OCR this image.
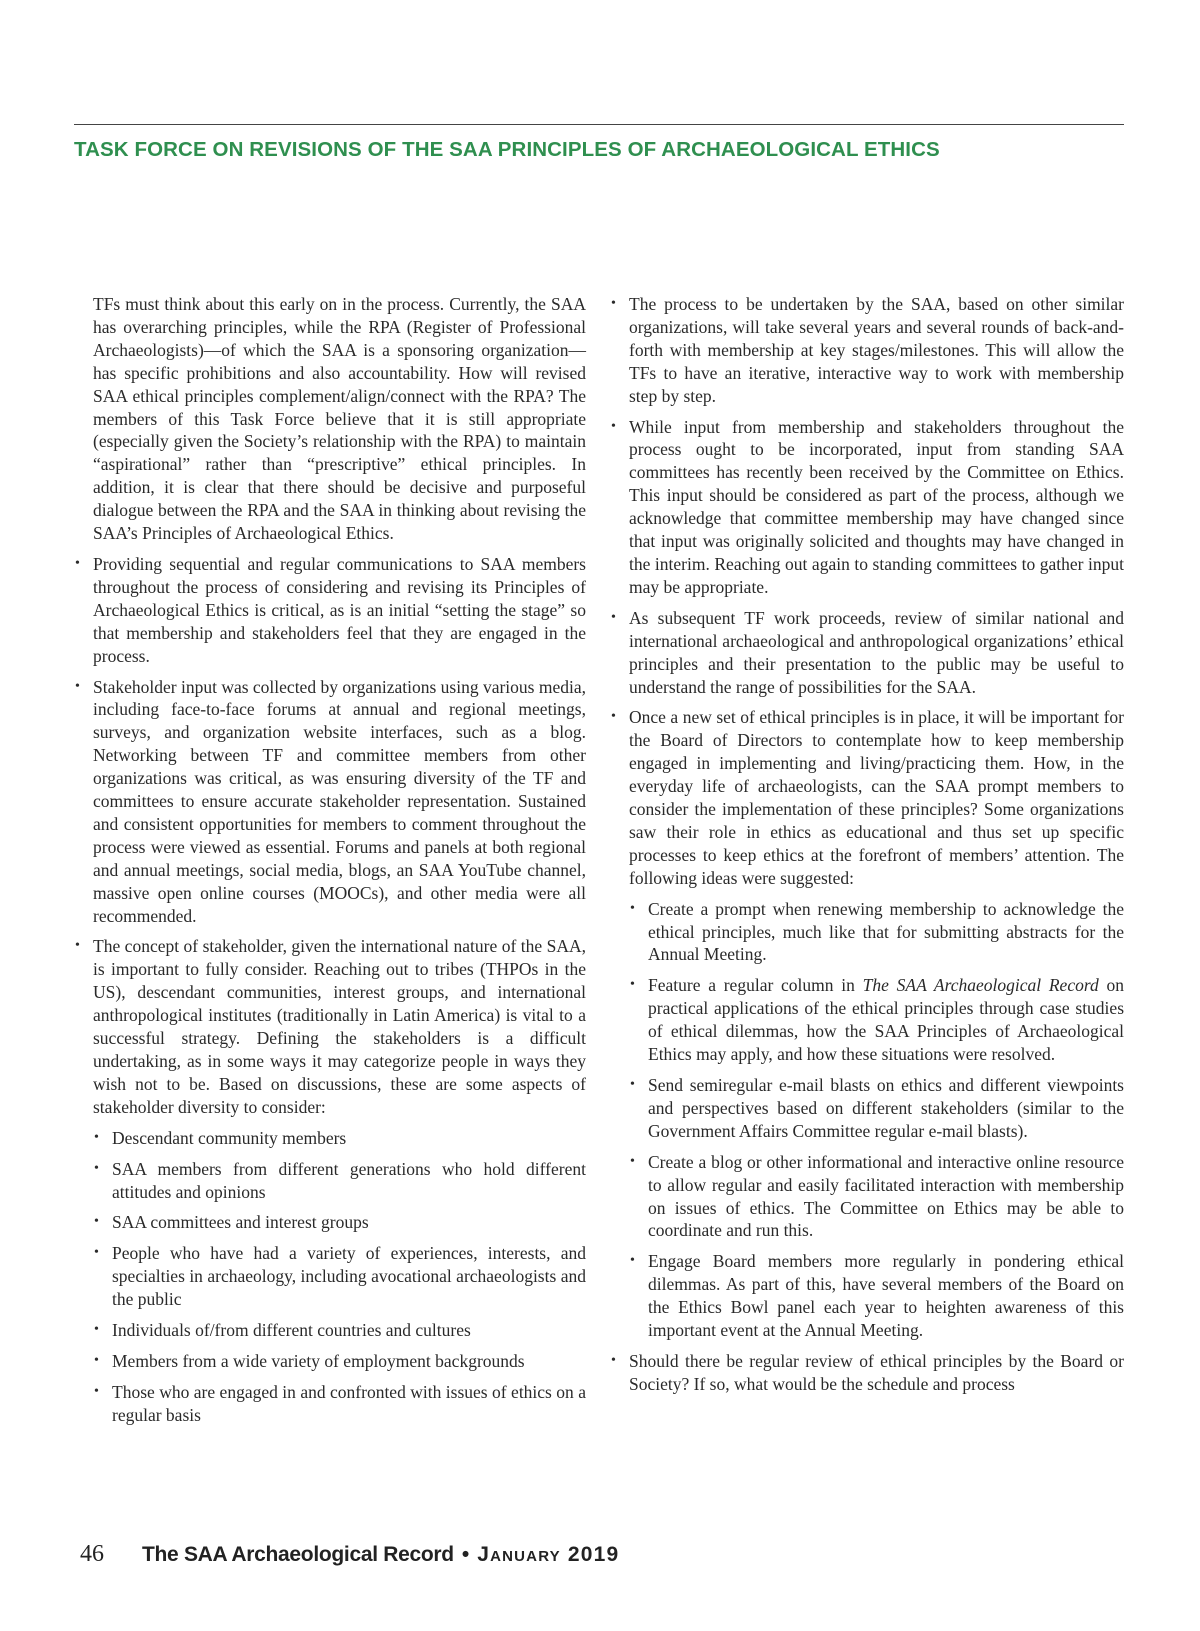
TASK FORCE ON REVISIONS OF THE SAA PRINCIPLES OF ARCHAEOLOGICAL ETHICS

TFs must think about this early on in the process. Currently, the SAA has overarching principles, while the RPA (Register of Professional Archaeologists)—of which the SAA is a sponsoring organization—has specific prohibitions and also accountability. How will revised SAA ethical principles complement/align/connect with the RPA? The members of this Task Force believe that it is still appropriate (especially given the Society’s relationship with the RPA) to maintain “aspirational” rather than “prescriptive” ethical principles. In addition, it is clear that there should be decisive and purposeful dialogue between the RPA and the SAA in thinking about revising the SAA’s Principles of Archaeological Ethics.

• Providing sequential and regular communications to SAA members throughout the process of considering and revising its Principles of Archaeological Ethics is critical, as is an initial “setting the stage” so that membership and stakeholders feel that they are engaged in the process.
• Stakeholder input was collected by organizations using various media, including face-to-face forums at annual and regional meetings, surveys, and organization website interfaces, such as a blog. Networking between TF and committee members from other organizations was critical, as was ensuring diversity of the TF and committees to ensure accurate stakeholder representation. Sustained and consistent opportunities for members to comment throughout the process were viewed as essential. Forums and panels at both regional and annual meetings, social media, blogs, an SAA YouTube channel, massive open online courses (MOOCs), and other media were all recommended.
• The concept of stakeholder, given the international nature of the SAA, is important to fully consider. Reaching out to tribes (THPOs in the US), descendant communities, interest groups, and international anthropological institutes (traditionally in Latin America) is vital to a successful strategy. Defining the stakeholders is a difficult undertaking, as in some ways it may categorize people in ways they wish not to be. Based on discussions, these are some aspects of stakeholder diversity to consider:
• Descendant community members
• SAA members from different generations who hold different attitudes and opinions
• SAA committees and interest groups
• People who have had a variety of experiences, interests, and specialties in archaeology, including avocational archaeologists and the public
• Individuals of/from different countries and cultures
• Members from a wide variety of employment backgrounds
• Those who are engaged in and confronted with issues of ethics on a regular basis
• The process to be undertaken by the SAA, based on other similar organizations, will take several years and several rounds of back-and-forth with membership at key stages/milestones. This will allow the TFs to have an iterative, interactive way to work with membership step by step.
• While input from membership and stakeholders throughout the process ought to be incorporated, input from standing SAA committees has recently been received by the Committee on Ethics. This input should be considered as part of the process, although we acknowledge that committee membership may have changed since that input was originally solicited and thoughts may have changed in the interim. Reaching out again to standing committees to gather input may be appropriate.
• As subsequent TF work proceeds, review of similar national and international archaeological and anthropological organizations’ ethical principles and their presentation to the public may be useful to understand the range of possibilities for the SAA.
• Once a new set of ethical principles is in place, it will be important for the Board of Directors to contemplate how to keep membership engaged in implementing and living/practicing them. How, in the everyday life of archaeologists, can the SAA prompt members to consider the implementation of these principles? Some organizations saw their role in ethics as educational and thus set up specific processes to keep ethics at the forefront of members’ attention. The following ideas were suggested:
• Create a prompt when renewing membership to acknowledge the ethical principles, much like that for submitting abstracts for the Annual Meeting.
• Feature a regular column in The SAA Archaeological Record on practical applications of the ethical principles through case studies of ethical dilemmas, how the SAA Principles of Archaeological Ethics may apply, and how these situations were resolved.
• Send semiregular e-mail blasts on ethics and different viewpoints and perspectives based on different stakeholders (similar to the Government Affairs Committee regular e-mail blasts).
• Create a blog or other informational and interactive online resource to allow regular and easily facilitated interaction with membership on issues of ethics. The Committee on Ethics may be able to coordinate and run this.
• Engage Board members more regularly in pondering ethical dilemmas. As part of this, have several members of the Board on the Ethics Bowl panel each year to heighten awareness of this important event at the Annual Meeting.
• Should there be regular review of ethical principles by the Board or Society? If so, what would be the schedule and process
46 The SAA Archaeological Record • January 2019
